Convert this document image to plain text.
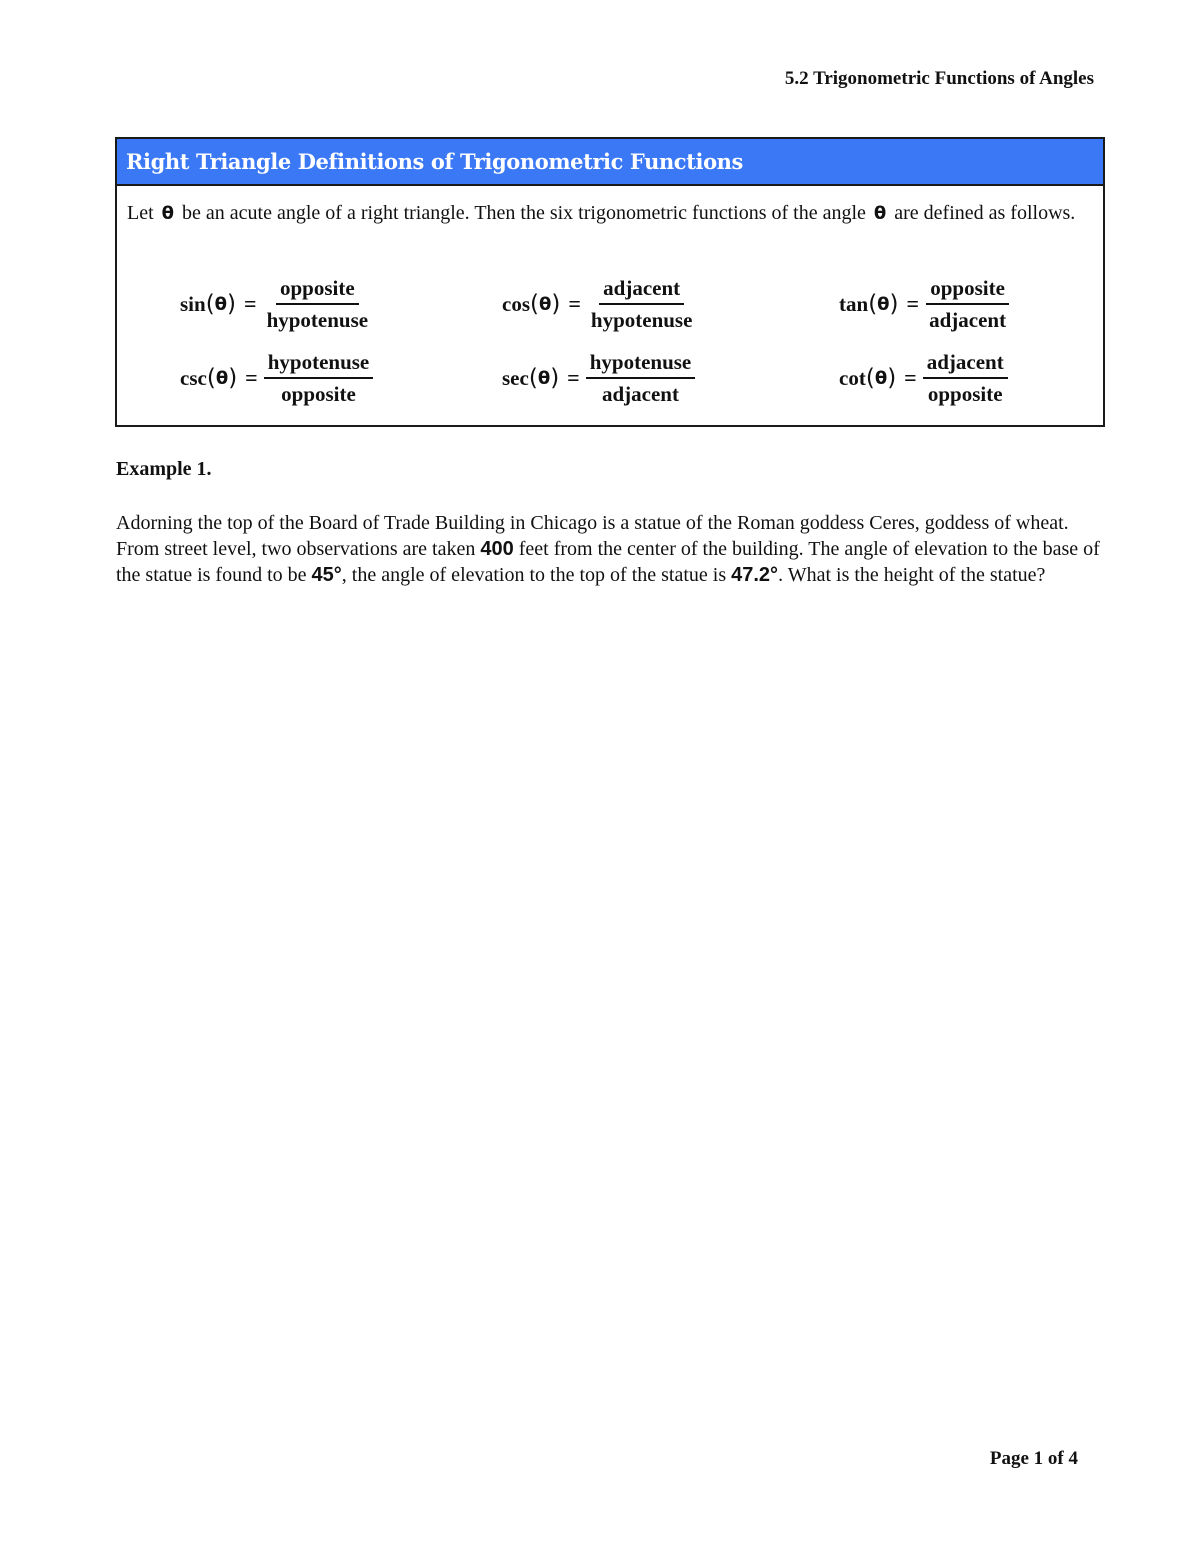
5.2 Trigonometric Functions of Angles
Right Triangle Definitions of Trigonometric Functions
Let θ be an acute angle of a right triangle. Then the six trigonometric functions of the angle θ are defined as follows.
sin ( θ ) = $\frac{\text{opposite}}{\text{hypotenuse}}$	cos ( θ ) = $\frac{\text{adjacent}}{\text{hypotenuse}}$	tan ( θ ) = $\frac{\text{opposite}}{\text{adjacent}}$
csc ( θ ) = $\frac{\text{hypotenuse}}{\text{opposite}}$	sec ( θ ) = $\frac{\text{hypotenuse}}{\text{adjacent}}$	cot ( θ ) = $\frac{\text{adjacent}}{\text{opposite}}$
Example 1.
Adorning the top of the Board of Trade Building in Chicago is a statue of the Roman goddess Ceres, goddess of wheat. From street level, two observations are taken 400 feet from the center of the building. The angle of elevation to the base of the statue is found to be 45°, the angle of elevation to the top of the statue is 47.2°. What is the height of the statue?
Page 1 of 4
